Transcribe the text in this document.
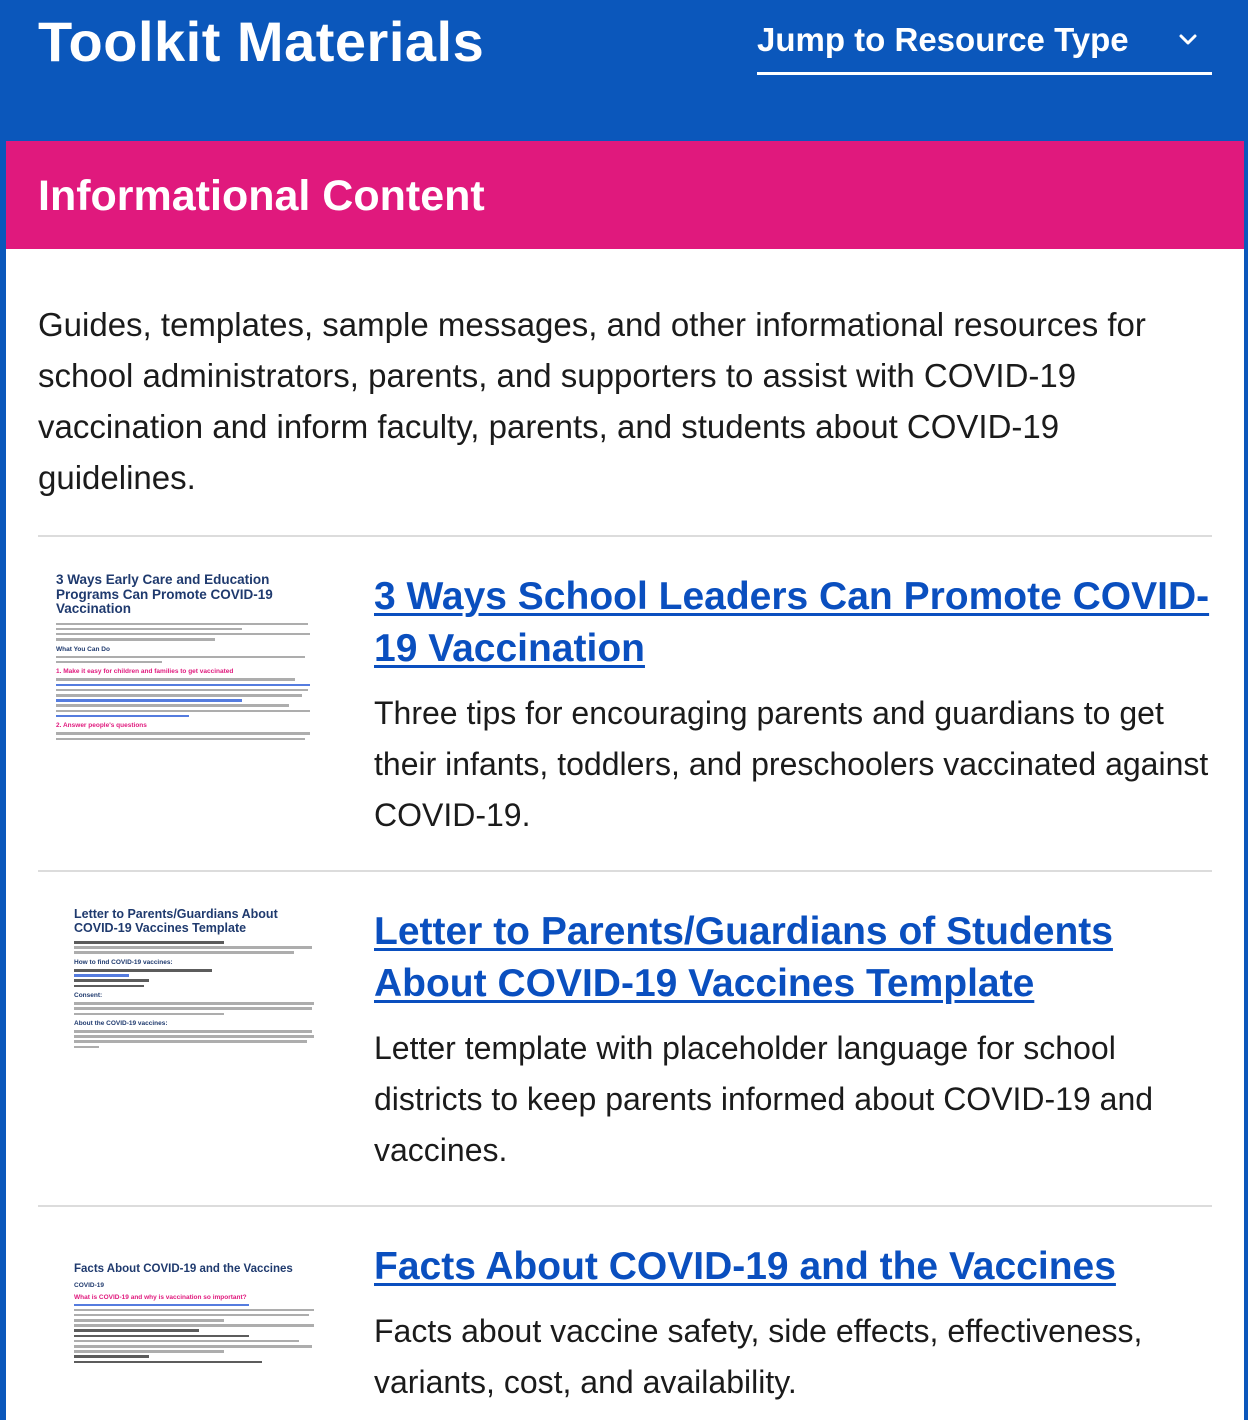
Toolkit Materials	Jump to Resource Type
Informational Content
Guides, templates, sample messages, and other informational resources for school administrators, parents, and supporters to assist with COVID-19 vaccination and inform faculty, parents, and students about COVID-19 guidelines.
3 Ways Early Care and Education Programs Can Promote COVID-19 Vaccination
What You Can Do
1. Make it easy for children and families to get vaccinated
2. Answer people's questions
3 Ways School Leaders Can Promote COVID-19 Vaccination
Three tips for encouraging parents and guardians to get their infants, toddlers, and preschoolers vaccinated against COVID-19.
Letter to Parents/Guardians About COVID-19 Vaccines Template
How to find COVID-19 vaccines:
Consent:
About the COVID-19 vaccines:
Letter to Parents/Guardians of Students About COVID-19 Vaccines Template
Letter template with placeholder language for school districts to keep parents informed about COVID-19 and vaccines.
Facts About COVID-19 and the Vaccines
COVID-19
What is COVID-19 and why is vaccination so important?
Facts About COVID-19 and the Vaccines
Facts about vaccine safety, side effects, effectiveness, variants, cost, and availability.
